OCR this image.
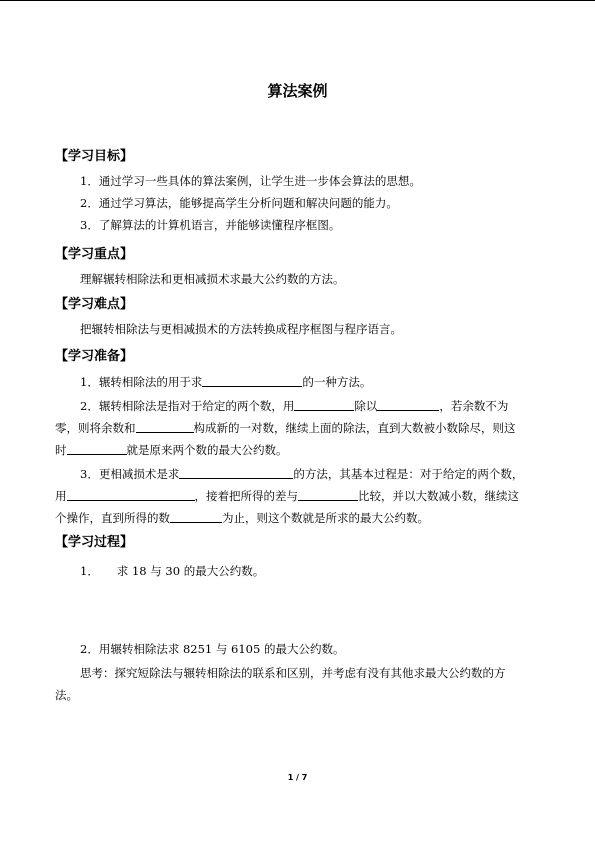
算法案例
【学习目标】
1．通过学习一些具体的算法案例，让学生进一步体会算法的思想。
2．通过学习算法，能够提高学生分析问题和解决问题的能力。
3．了解算法的计算机语言，并能够读懂程序框图。
【学习重点】
理解辗转相除法和更相减损术求最大公约数的方法。
【学习难点】
把辗转相除法与更相减损术的方法转换成程序框图与程序语言。
【学习准备】
1．辗转相除法的用于求	的一种方法。
2．辗转相除法是指对于给定的两个数，用	除以	，若余数不为
零，则将余数和	构成新的一对数，继续上面的除法，直到大数被小数除尽，则这
时	就是原来两个数的最大公约数。
3．更相减损术是求	的方法，其基本过程是：对于给定的两个数，
用	，接着把所得的差与	比较，并以大数减小数，继续这
个操作，直到所得的数	为止，则这个数就是所求的最大公约数。
【学习过程】
1． 求 18 与 30 的最大公约数。
2．用辗转相除法求 8251 与 6105 的最大公约数。
思考：探究短除法与辗转相除法的联系和区别，并考虑有没有其他求最大公约数的方
法。
1 / 7
